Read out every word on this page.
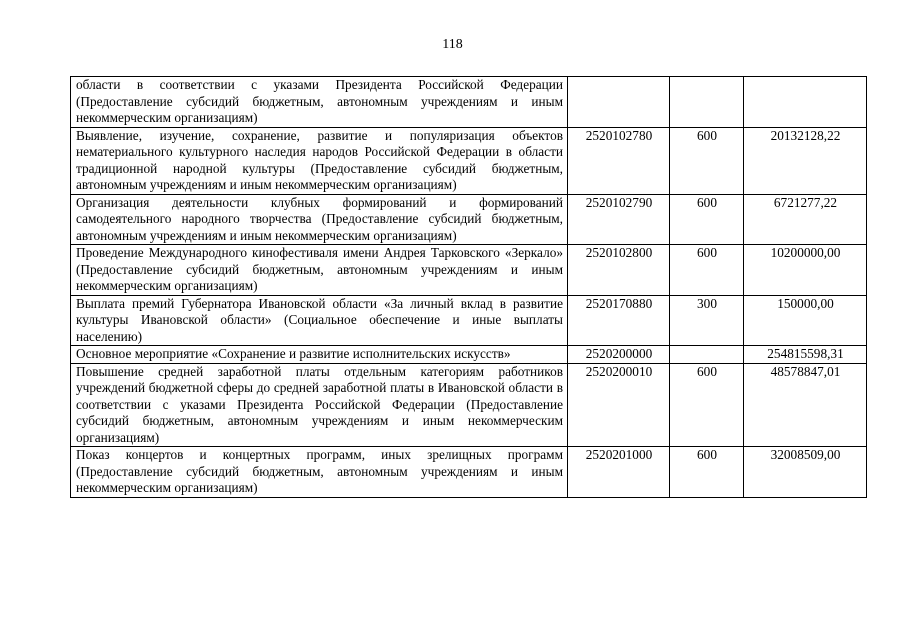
118
области в соответствии с указами Президента Российской Федерации (Предоставление субсидий бюджетным, автономным учреждениям и иным некоммерческим организациям)			
Выявление, изучение, сохранение, развитие и популяризация объектов нематериального культурного наследия народов Российской Федерации в области традиционной народной культуры (Предоставление субсидий бюджетным, автономным учреждениям и иным некоммерческим организациям)	2520102780	600	20132128,22
Организация деятельности клубных формирований и формирований самодеятельного народного творчества (Предоставление субсидий бюджетным, автономным учреждениям и иным некоммерческим организациям)	2520102790	600	6721277,22
Проведение Международного кинофестиваля имени Андрея Тарковского «Зеркало» (Предоставление субсидий бюджетным, автономным учреждениям и иным некоммерческим организациям)	2520102800	600	10200000,00
Выплата премий Губернатора Ивановской области «За личный вклад в развитие культуры Ивановской области» (Социальное обеспечение и иные выплаты населению)	2520170880	300	150000,00
Основное мероприятие «Сохранение и развитие исполнительских искусств»	2520200000		254815598,31
Повышение средней заработной платы отдельным категориям работников учреждений бюджетной сферы до средней заработной платы в Ивановской области в соответствии с указами Президента Российской Федерации (Предоставление субсидий бюджетным, автономным учреждениям и иным некоммерческим организациям)	2520200010	600	48578847,01
Показ концертов и концертных программ, иных зрелищных программ (Предоставление субсидий бюджетным, автономным учреждениям и иным некоммерческим организациям)	2520201000	600	32008509,00
